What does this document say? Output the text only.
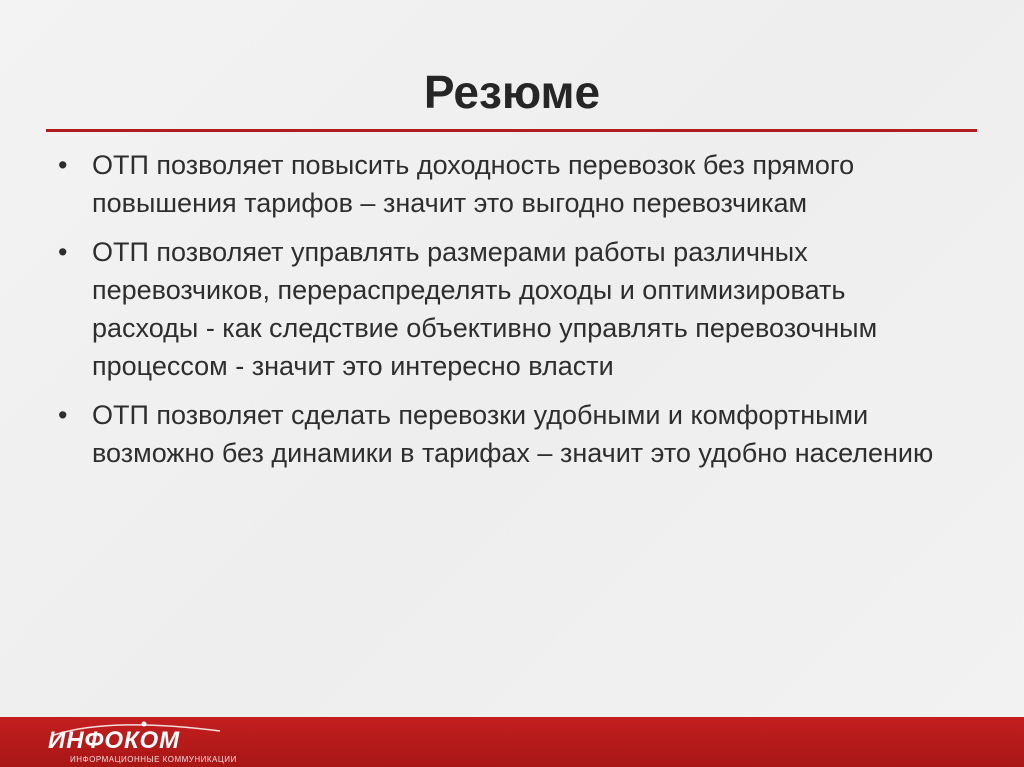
Резюме
• ОТП позволяет повысить доходность перевозок без прямого повышения тарифов – значит это выгодно перевозчикам
• ОТП позволяет управлять размерами работы различных перевозчиков, перераспределять доходы и оптимизировать расходы - как следствие объективно управлять перевозочным процессом - значит это интересно власти
• ОТП позволяет сделать перевозки удобными и комфортными возможно без динамики в тарифах – значит это удобно населению
ИНФОКОМ
ИНФОРМАЦИОННЫЕ КОММУНИКАЦИИ
